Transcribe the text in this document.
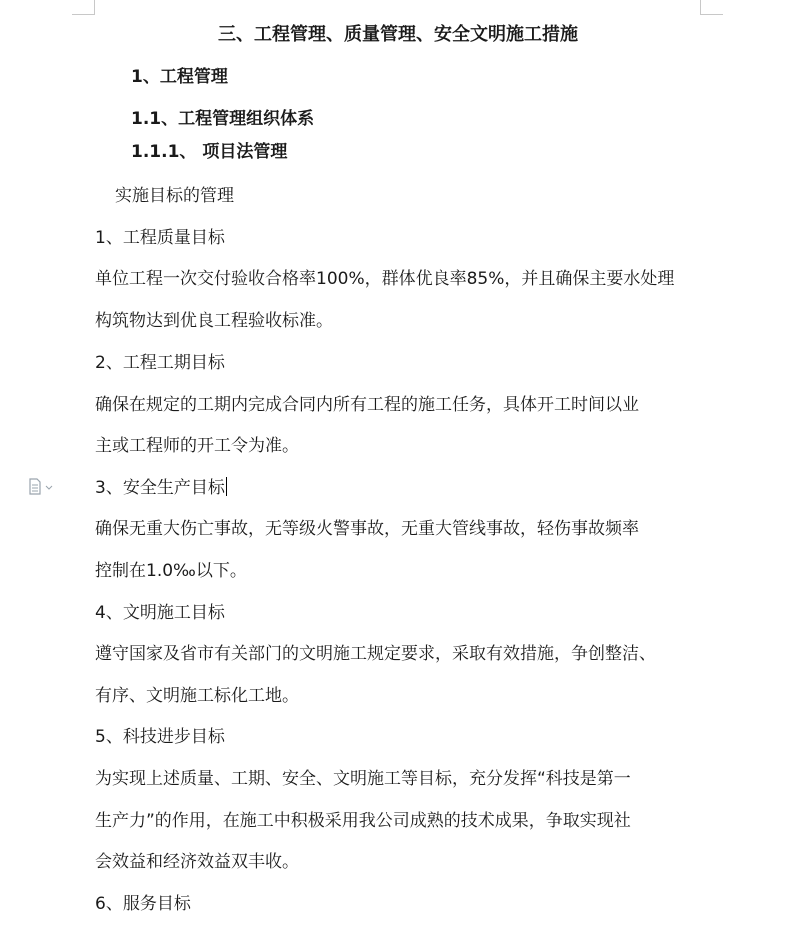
三、工程管理、质量管理、安全文明施工措施
1、工程管理
1.1、工程管理组织体系
1.1.1、 项目法管理
实施目标的管理
1、工程质量目标
单位工程一次交付验收合格率100%，群体优良率85%，并且确保主要水处理
构筑物达到优良工程验收标准。
2、工程工期目标
确保在规定的工期内完成合同内所有工程的施工任务，具体开工时间以业
主或工程师的开工令为准。
3、安全生产目标
确保无重大伤亡事故，无等级火警事故，无重大管线事故，轻伤事故频率
控制在1.0‰以下。
4、文明施工目标
遵守国家及省市有关部门的文明施工规定要求，采取有效措施，争创整洁、
有序、文明施工标化工地。
5、科技进步目标
为实现上述质量、工期、安全、文明施工等目标，充分发挥“科技是第一
生产力”的作用，在施工中积极采用我公司成熟的技术成果，争取实现社
会效益和经济效益双丰收。
6、服务目标
